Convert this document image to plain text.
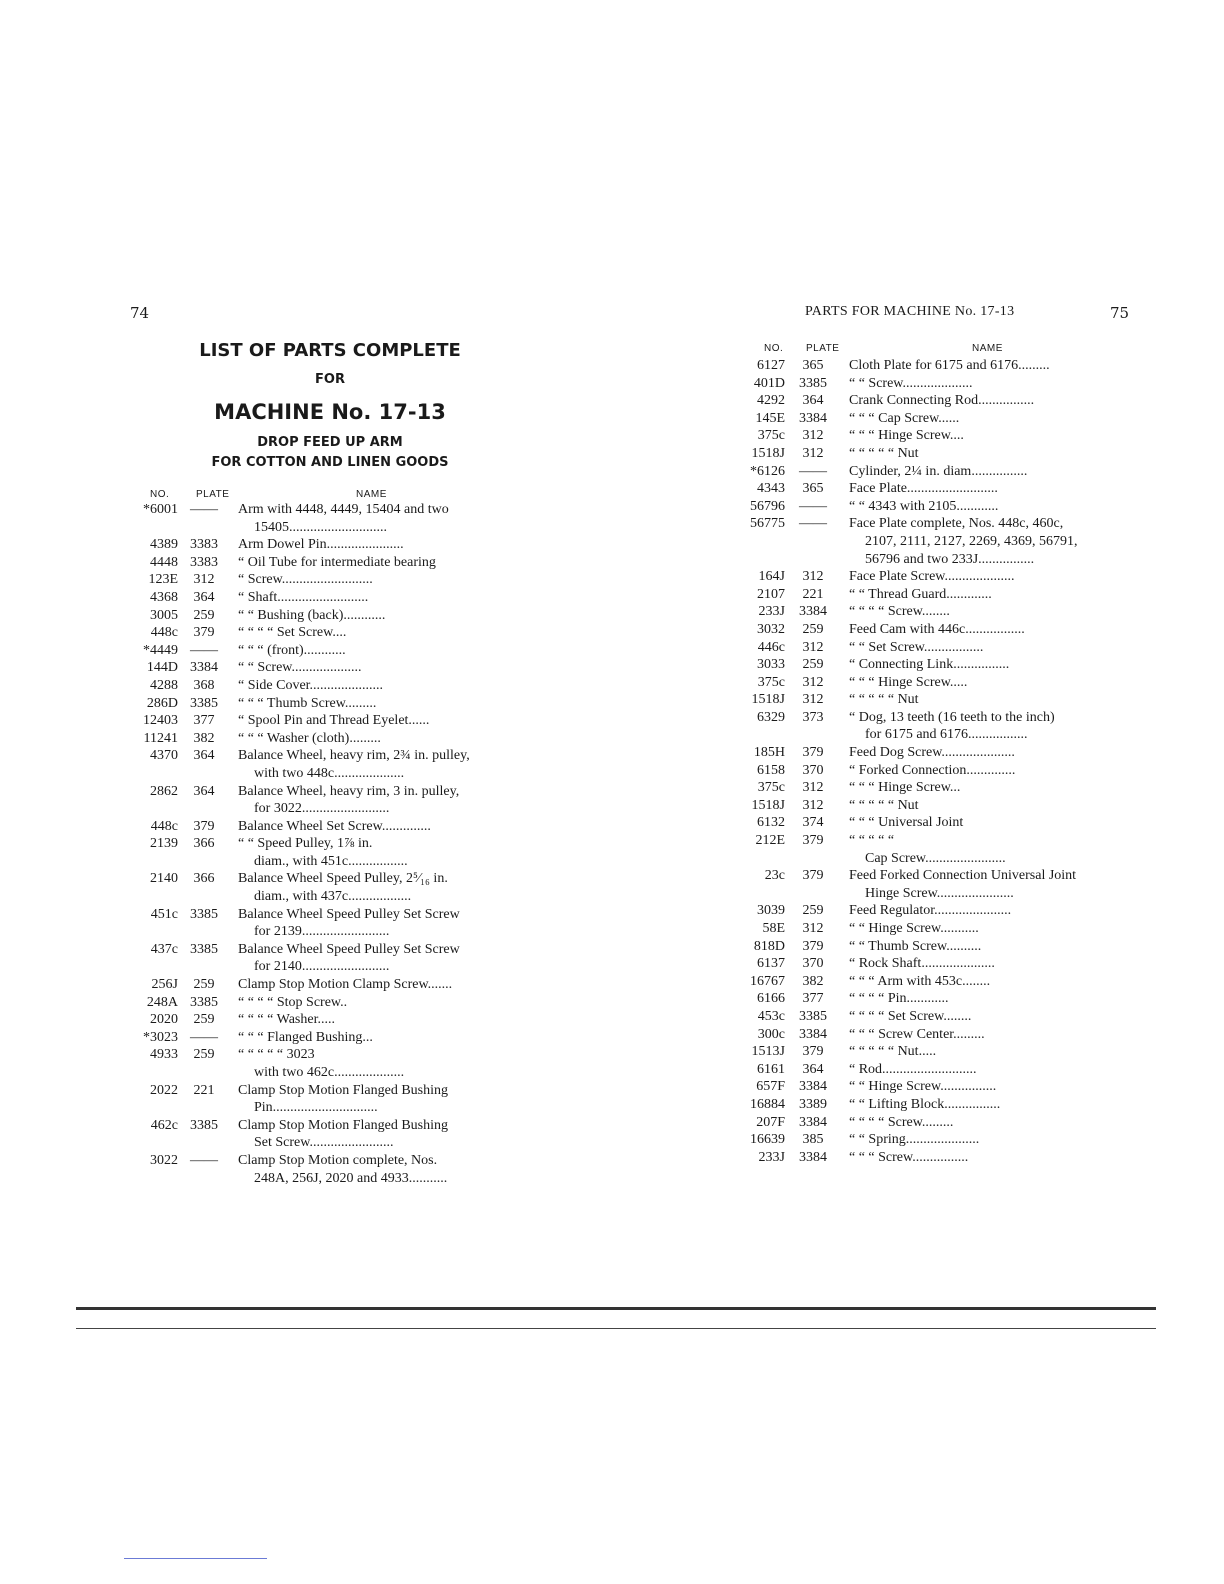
74
LIST OF PARTS COMPLETE
FOR
MACHINE No. 17-13
DROP FEED UP ARM
FOR COTTON AND LINEN GOODS
NO.	PLATE	NAME
*6001 ——	Arm with 4448, 4449, 15404 and two
15405............................
4389 3383	Arm Dowel Pin......................
4448 3383	“ Oil Tube for intermediate bearing
123E	312	“ Screw..........................
4368	364	“ Shaft..........................
3005	259	“ “ Bushing (back)............
448c	379	“ “ “ “ Set Screw....
*4449 ——	“ “ “ (front)............
144D 3384	“ “ Screw....................
4288	368	“ Side Cover.....................
286D 3385	“ “ “ Thumb Screw.........
12403	377	“ Spool Pin and Thread Eyelet......
11241	382	“ “ “ Washer (cloth).........
4370	364	Balance Wheel, heavy rim, 2¾ in. pulley,
with two 448c....................
2862	364	Balance Wheel, heavy rim, 3 in. pulley,
for 3022.........................
448c	379	Balance Wheel Set Screw..............
2139	366	“ “ Speed Pulley, 1⅞ in.
diam., with 451c.................
2140	366	Balance Wheel Speed Pulley, 2⁵⁄₁₆ in.
diam., with 437c..................
451c 3385	Balance Wheel Speed Pulley Set Screw
for 2139.........................
437c 3385	Balance Wheel Speed Pulley Set Screw
for 2140.........................
256J	259	Clamp Stop Motion Clamp Screw.......
248A 3385	“ “ “ “ Stop Screw..
2020	259	“ “ “ “ Washer.....
*3023 ——	“ “ “ Flanged Bushing...
4933	259	“ “ “ “ “ 3023
with two 462c....................
2022	221	Clamp Stop Motion Flanged Bushing
Pin..............................
462c 3385	Clamp Stop Motion Flanged Bushing
Set Screw........................
3022 ——	Clamp Stop Motion complete, Nos.
248A, 256J, 2020 and 4933...........
PARTS FOR MACHINE No. 17-13	75
NO. PLATE	NAME
6127	365	Cloth Plate for 6175 and 6176.........
401D	3385	“ “ Screw....................
4292	364	Crank Connecting Rod................
145E	3384	“ “ “ Cap Screw......
375c	312	“ “ “ Hinge Screw....
1518J	312	“ “ “ “ “ Nut
*6126	——	Cylinder, 2¼ in. diam................
4343	365	Face Plate..........................
56796	——	“ “ 4343 with 2105............
56775	——	Face Plate complete, Nos. 448c, 460c,
2107, 2111, 2127, 2269, 4369, 56791,
56796 and two 233J................
164J	312	Face Plate Screw....................
2107	221	“ “ Thread Guard.............
233J	3384	“ “ “ “ Screw........
3032	259	Feed Cam with 446c.................
446c	312	“ “ Set Screw.................
3033	259	“ Connecting Link................
375c	312	“ “ “ Hinge Screw.....
1518J	312	“ “ “ “ “ Nut
6329	373	“ Dog, 13 teeth (16 teeth to the inch)
for 6175 and 6176.................
185H	379	Feed Dog Screw.....................
6158	370	“ Forked Connection..............
375c	312	“ “ “ Hinge Screw...
1518J	312	“ “ “ “ “ Nut
6132	374	“ “ “ Universal Joint
212E	379	“ “ “ “ “
Cap Screw.......................
23c	379	Feed Forked Connection Universal Joint
Hinge Screw......................
3039	259	Feed Regulator......................
58E	312	“ “ Hinge Screw...........
818D	379	“ “ Thumb Screw..........
6137	370	“ Rock Shaft.....................
16767	382	“ “ “ Arm with 453c........
6166	377	“ “ “ “ Pin............
453c	3385	“ “ “ “ Set Screw........
300c	3384	“ “ “ Screw Center.........
1513J	379	“ “ “ “ “ Nut.....
6161	364	“ Rod...........................
657F	3384	“ “ Hinge Screw................
16884	3389	“ “ Lifting Block................
207F	3384	“ “ “ “ Screw.........
16639	385	“ “ Spring.....................
233J	3384	“ “ “ Screw................
